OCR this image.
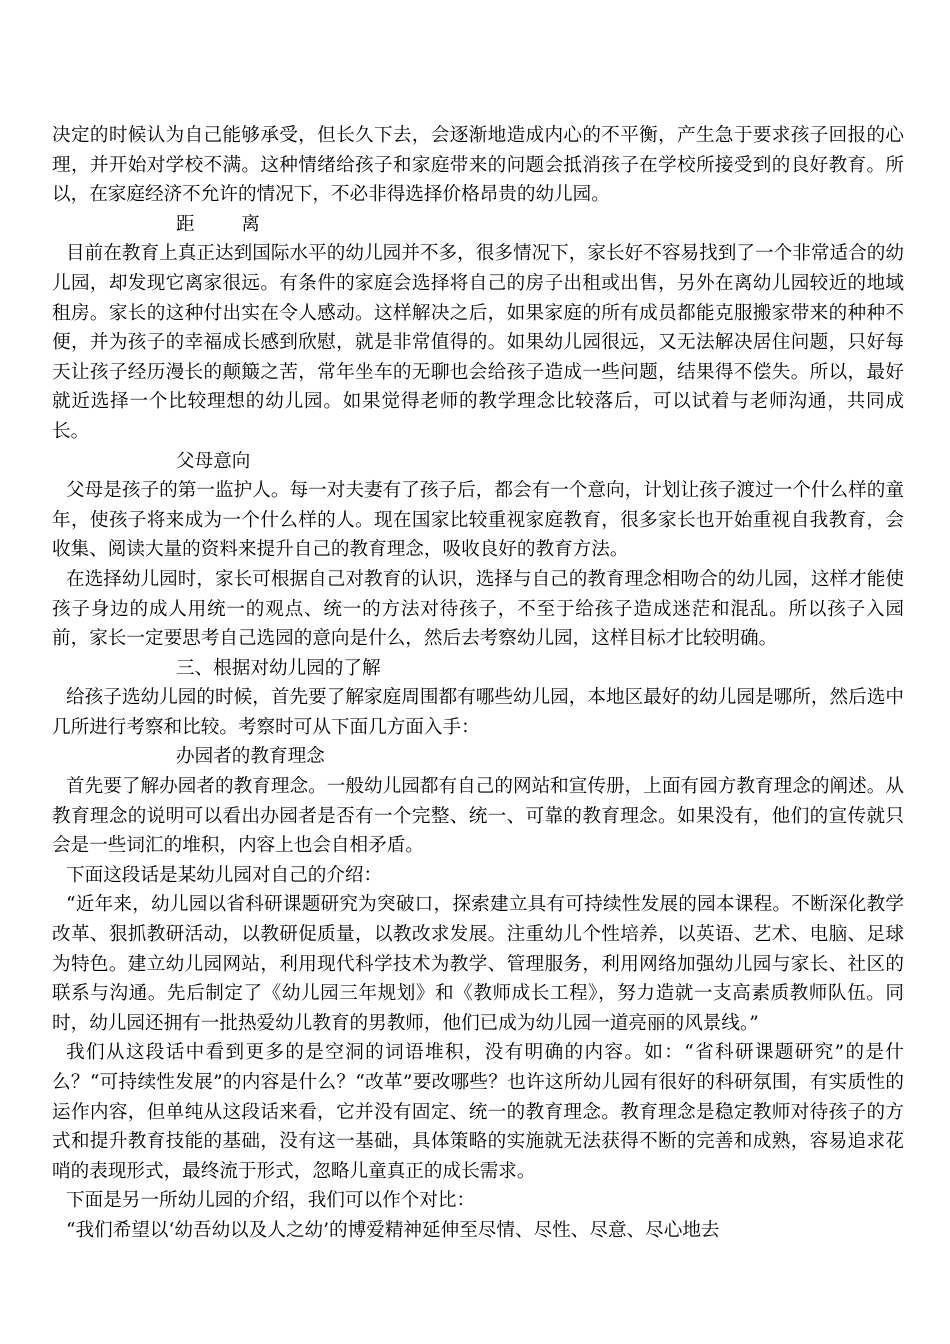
决定的时候认为自己能够承受，但长久下去，会逐渐地造成内心的不平衡，产生急于要求孩子回报的心理，并开始对学校不满。这种情绪给孩子和家庭带来的问题会抵消孩子在学校所接受到的良好教育。所以，在家庭经济不允许的情况下，不必非得选择价格昂贵的幼儿园。

距　离

目前在教育上真正达到国际水平的幼儿园并不多，很多情况下，家长好不容易找到了一个非常适合的幼儿园，却发现它离家很远。有条件的家庭会选择将自己的房子出租或出售，另外在离幼儿园较近的地域租房。家长的这种付出实在令人感动。这样解决之后，如果家庭的所有成员都能克服搬家带来的种种不便，并为孩子的幸福成长感到欣慰，就是非常值得的。如果幼儿园很远，又无法解决居住问题，只好每天让孩子经历漫长的颠簸之苦，常年坐车的无聊也会给孩子造成一些问题，结果得不偿失。所以，最好就近选择一个比较理想的幼儿园。如果觉得老师的教学理念比较落后，可以试着与老师沟通，共同成长。

父母意向

父母是孩子的第一监护人。每一对夫妻有了孩子后，都会有一个意向，计划让孩子渡过一个什么样的童年，使孩子将来成为一个什么样的人。现在国家比较重视家庭教育，很多家长也开始重视自我教育，会收集、阅读大量的资料来提升自己的教育理念，吸收良好的教育方法。

在选择幼儿园时，家长可根据自己对教育的认识，选择与自己的教育理念相吻合的幼儿园，这样才能使孩子身边的成人用统一的观点、统一的方法对待孩子，不至于给孩子造成迷茫和混乱。所以孩子入园前，家长一定要思考自己选园的意向是什么，然后去考察幼儿园，这样目标才比较明确。

三、根据对幼儿园的了解

给孩子选幼儿园的时候，首先要了解家庭周围都有哪些幼儿园，本地区最好的幼儿园是哪所，然后选中几所进行考察和比较。考察时可从下面几方面入手：

办园者的教育理念

首先要了解办园者的教育理念。一般幼儿园都有自己的网站和宣传册，上面有园方教育理念的阐述。从教育理念的说明可以看出办园者是否有一个完整、统一、可靠的教育理念。如果没有，他们的宣传就只会是一些词汇的堆积，内容上也会自相矛盾。

下面这段话是某幼儿园对自己的介绍：

“近年来，幼儿园以省科研课题研究为突破口，探索建立具有可持续性发展的园本课程。不断深化教学改革、狠抓教研活动，以教研促质量，以教改求发展。注重幼儿个性培养，以英语、艺术、电脑、足球为特色。建立幼儿园网站，利用现代科学技术为教学、管理服务，利用网络加强幼儿园与家长、社区的联系与沟通。先后制定了《幼儿园三年规划》和《教师成长工程》，努力造就一支高素质教师队伍。同时，幼儿园还拥有一批热爱幼儿教育的男教师，他们已成为幼儿园一道亮丽的风景线。”

我们从这段话中看到更多的是空洞的词语堆积，没有明确的内容。如：“省科研课题研究”的是什么？“可持续性发展”的内容是什么？“改革”要改哪些？也许这所幼儿园有很好的科研氛围，有实质性的运作内容，但单纯从这段话来看，它并没有固定、统一的教育理念。教育理念是稳定教师对待孩子的方式和提升教育技能的基础，没有这一基础，具体策略的实施就无法获得不断的完善和成熟，容易追求花哨的表现形式，最终流于形式，忽略儿童真正的成长需求。

下面是另一所幼儿园的介绍，我们可以作个对比：

“我们希望以‘幼吾幼以及人之幼’的博爱精神延伸至尽情、尽性、尽意、尽心地去
